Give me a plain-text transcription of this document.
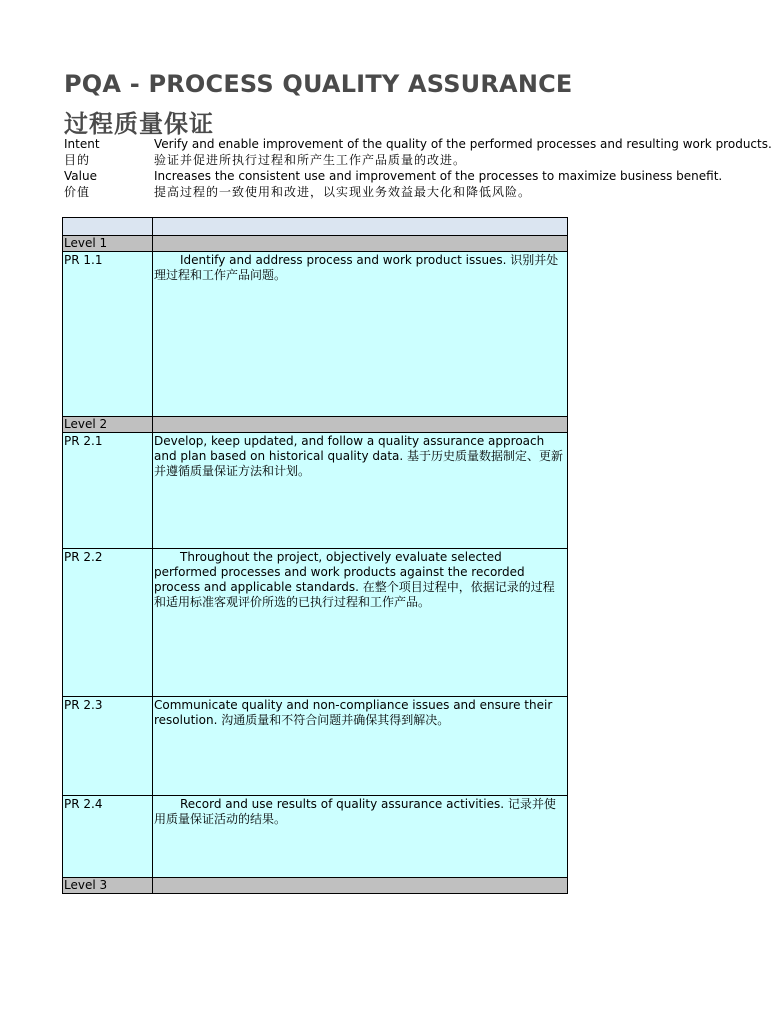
PQA - PROCESS QUALITY ASSURANCE
过程质量保证
Intent	Verify and enable improvement of the quality of the performed processes and resulting work products.
目的	验证并促进所执行过程和所产生工作产品质量的改进。
Value	Increases the consistent use and improvement of the processes to maximize business benefit.
价值	提高过程的一致使用和改进，以实现业务效益最大化和降低风险。

Level 1	
PR 1.1	Identify and address process and work product issues. 识别并处理过程和工作产品问题。
Level 2	
PR 2.1	Develop, keep updated, and follow a quality assurance approach and plan based on historical quality data. 基于历史质量数据制定、更新并遵循质量保证方法和计划。
PR 2.2	Throughout the project, objectively evaluate selected performed processes and work products against the recorded process and applicable standards. 在整个项目过程中，依据记录的过程和适用标准客观评价所选的已执行过程和工作产品。
PR 2.3	Communicate quality and non-compliance issues and ensure their resolution. 沟通质量和不符合问题并确保其得到解决。
PR 2.4	Record and use results of quality assurance activities. 记录并使用质量保证活动的结果。
Level 3	
